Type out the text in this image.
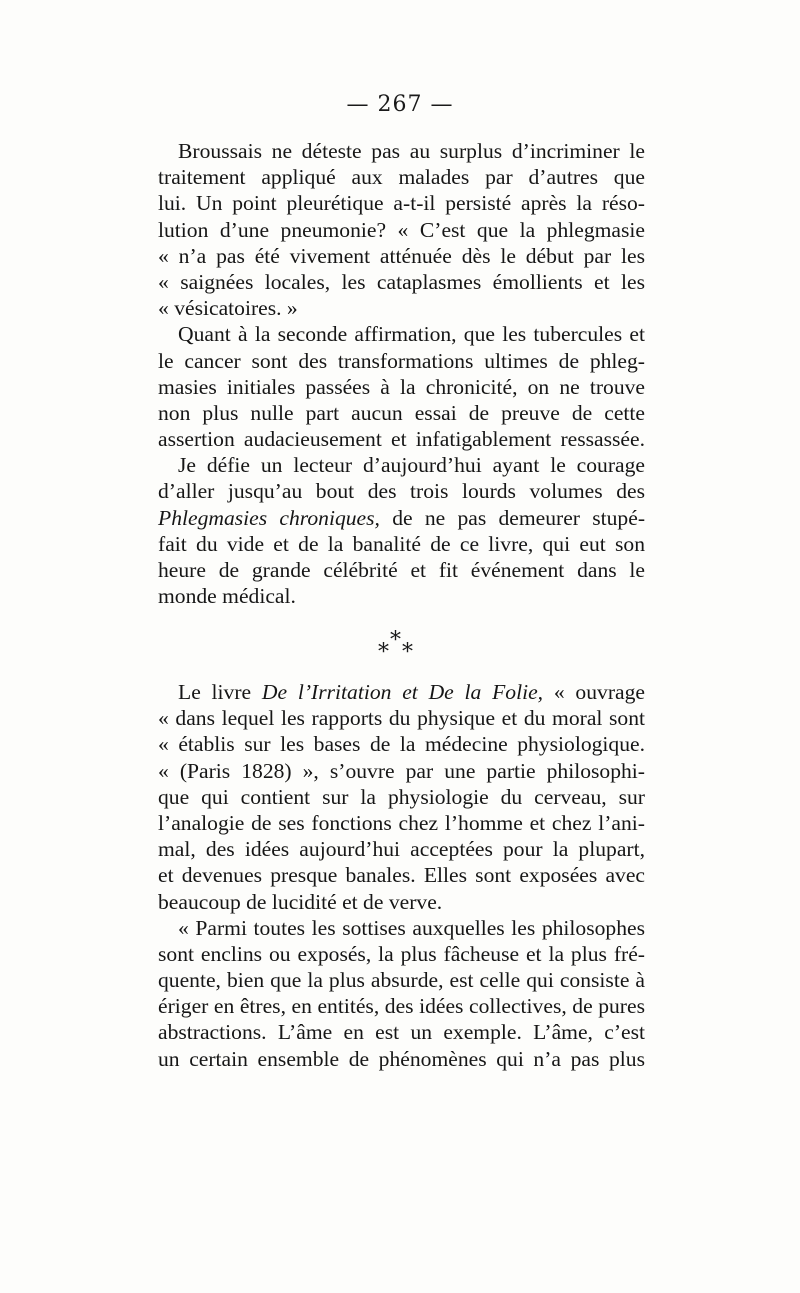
— 267 —
Broussais ne déteste pas au surplus d’incriminer le
traitement appliqué aux malades par d’autres que
lui. Un point pleurétique a-t-il persisté après la réso-
lution d’une pneumonie? « C’est que la phlegmasie
« n’a pas été vivement atténuée dès le début par les
« saignées locales, les cataplasmes émollients et les
« vésicatoires. »
Quant à la seconde affirmation, que les tubercules et
le cancer sont des transformations ultimes de phleg-
masies initiales passées à la chronicité, on ne trouve
non plus nulle part aucun essai de preuve de cette
assertion audacieusement et infatigablement ressassée.
Je défie un lecteur d’aujourd’hui ayant le courage
d’aller jusqu’au bout des trois lourds volumes des
Phlegmasies chroniques, de ne pas demeurer stupé-
fait du vide et de la banalité de ce livre, qui eut son
heure de grande célébrité et fit événement dans le
monde médical.
*
* *
Le livre De l’Irritation et De la Folie, « ouvrage
« dans lequel les rapports du physique et du moral sont
« établis sur les bases de la médecine physiologique.
« (Paris 1828) », s’ouvre par une partie philosophi-
que qui contient sur la physiologie du cerveau, sur
l’analogie de ses fonctions chez l’homme et chez l’ani-
mal, des idées aujourd’hui acceptées pour la plupart,
et devenues presque banales. Elles sont exposées avec
beaucoup de lucidité et de verve.
« Parmi toutes les sottises auxquelles les philosophes
sont enclins ou exposés, la plus fâcheuse et la plus fré-
quente, bien que la plus absurde, est celle qui consiste à
ériger en êtres, en entités, des idées collectives, de pures
abstractions. L’âme en est un exemple. L’âme, c’est
un certain ensemble de phénomènes qui n’a pas plus
